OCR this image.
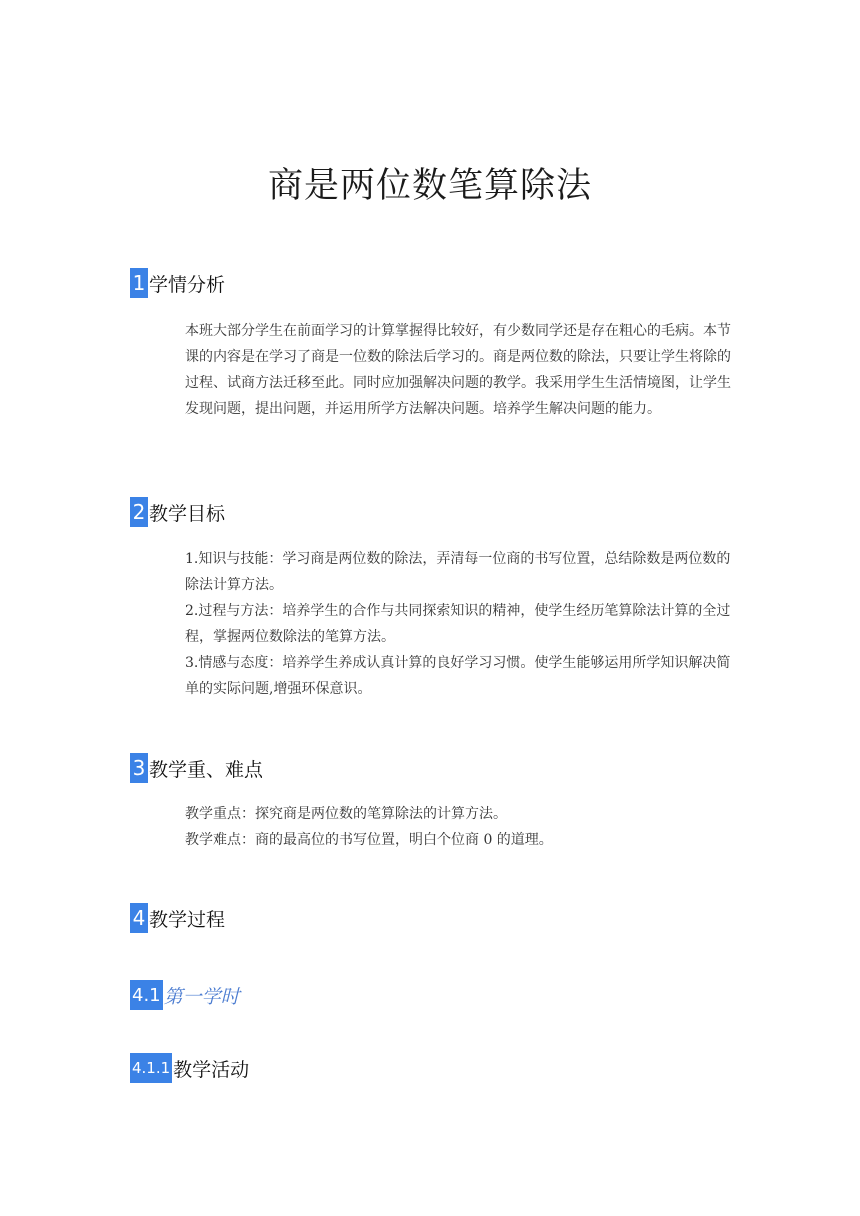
商是两位数笔算除法
1 学情分析

本班大部分学生在前面学习的计算掌握得比较好，有少数同学还是存在粗心的毛病。本节课的内容是在学习了商是一位数的除法后学习的。商是两位数的除法，只要让学生将除的过程、试商方法迁移至此。同时应加强解决问题的教学。我采用学生生活情境图，让学生发现问题，提出问题，并运用所学方法解决问题。培养学生解决问题的能力。

2 教学目标

1.知识与技能：学习商是两位数的除法，弄清每一位商的书写位置，总结除数是两位数的除法计算方法。

2.过程与方法：培养学生的合作与共同探索知识的精神，使学生经历笔算除法计算的全过程，掌握两位数除法的笔算方法。

3.情感与态度：培养学生养成认真计算的良好学习习惯。使学生能够运用所学知识解决简单的实际问题,增强环保意识。

3 教学重、难点

教学重点：探究商是两位数的笔算除法的计算方法。

教学难点：商的最高位的书写位置，明白个位商 0 的道理。

4 教学过程
4.1 第一学时
4.1.1 教学活动
